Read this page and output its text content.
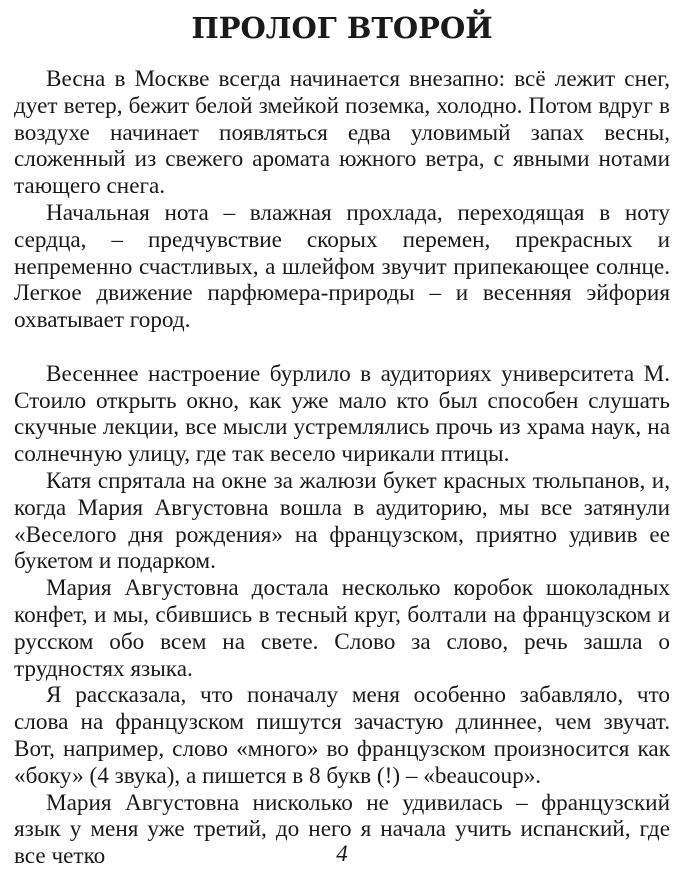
ПРОЛОГ ВТОРОЙ

Весна в Москве всегда начинается внезапно: всё лежит снег, дует ветер, бежит белой змейкой поземка, холодно. Потом вдруг в воздухе начинает появляться едва уловимый запах весны, сложенный из свежего аромата южного ветра, с явными нотами тающего снега.

Начальная нота – влажная прохлада, переходящая в ноту сердца, – предчувствие скорых перемен, прекрасных и непременно счастливых, а шлейфом звучит припекающее солнце. Легкое движение парфюмера-природы – и весенняя эйфория охватывает город.

Весеннее настроение бурлило в аудиториях университета М. Стоило открыть окно, как уже мало кто был способен слушать скучные лекции, все мысли устремлялись прочь из храма наук, на солнечную улицу, где так весело чирикали птицы.

Катя спрятала на окне за жалюзи букет красных тюльпанов, и, когда Мария Августовна вошла в аудиторию, мы все затянули «Веселого дня рождения» на французском, приятно удивив ее букетом и подарком.

Мария Августовна достала несколько коробок шоколадных конфет, и мы, сбившись в тесный круг, болтали на французском и русском обо всем на свете. Слово за слово, речь зашла о трудностях языка.

Я рассказала, что поначалу меня особенно забавляло, что слова на французском пишутся зачастую длиннее, чем звучат. Вот, например, слово «много» во французском произносится как «боку» (4 звука), а пишется в 8 букв (!) – «beaucoup».

Мария Августовна нисколько не удивилась – французский язык у меня уже третий, до него я начала учить испанский, где все четко	4
